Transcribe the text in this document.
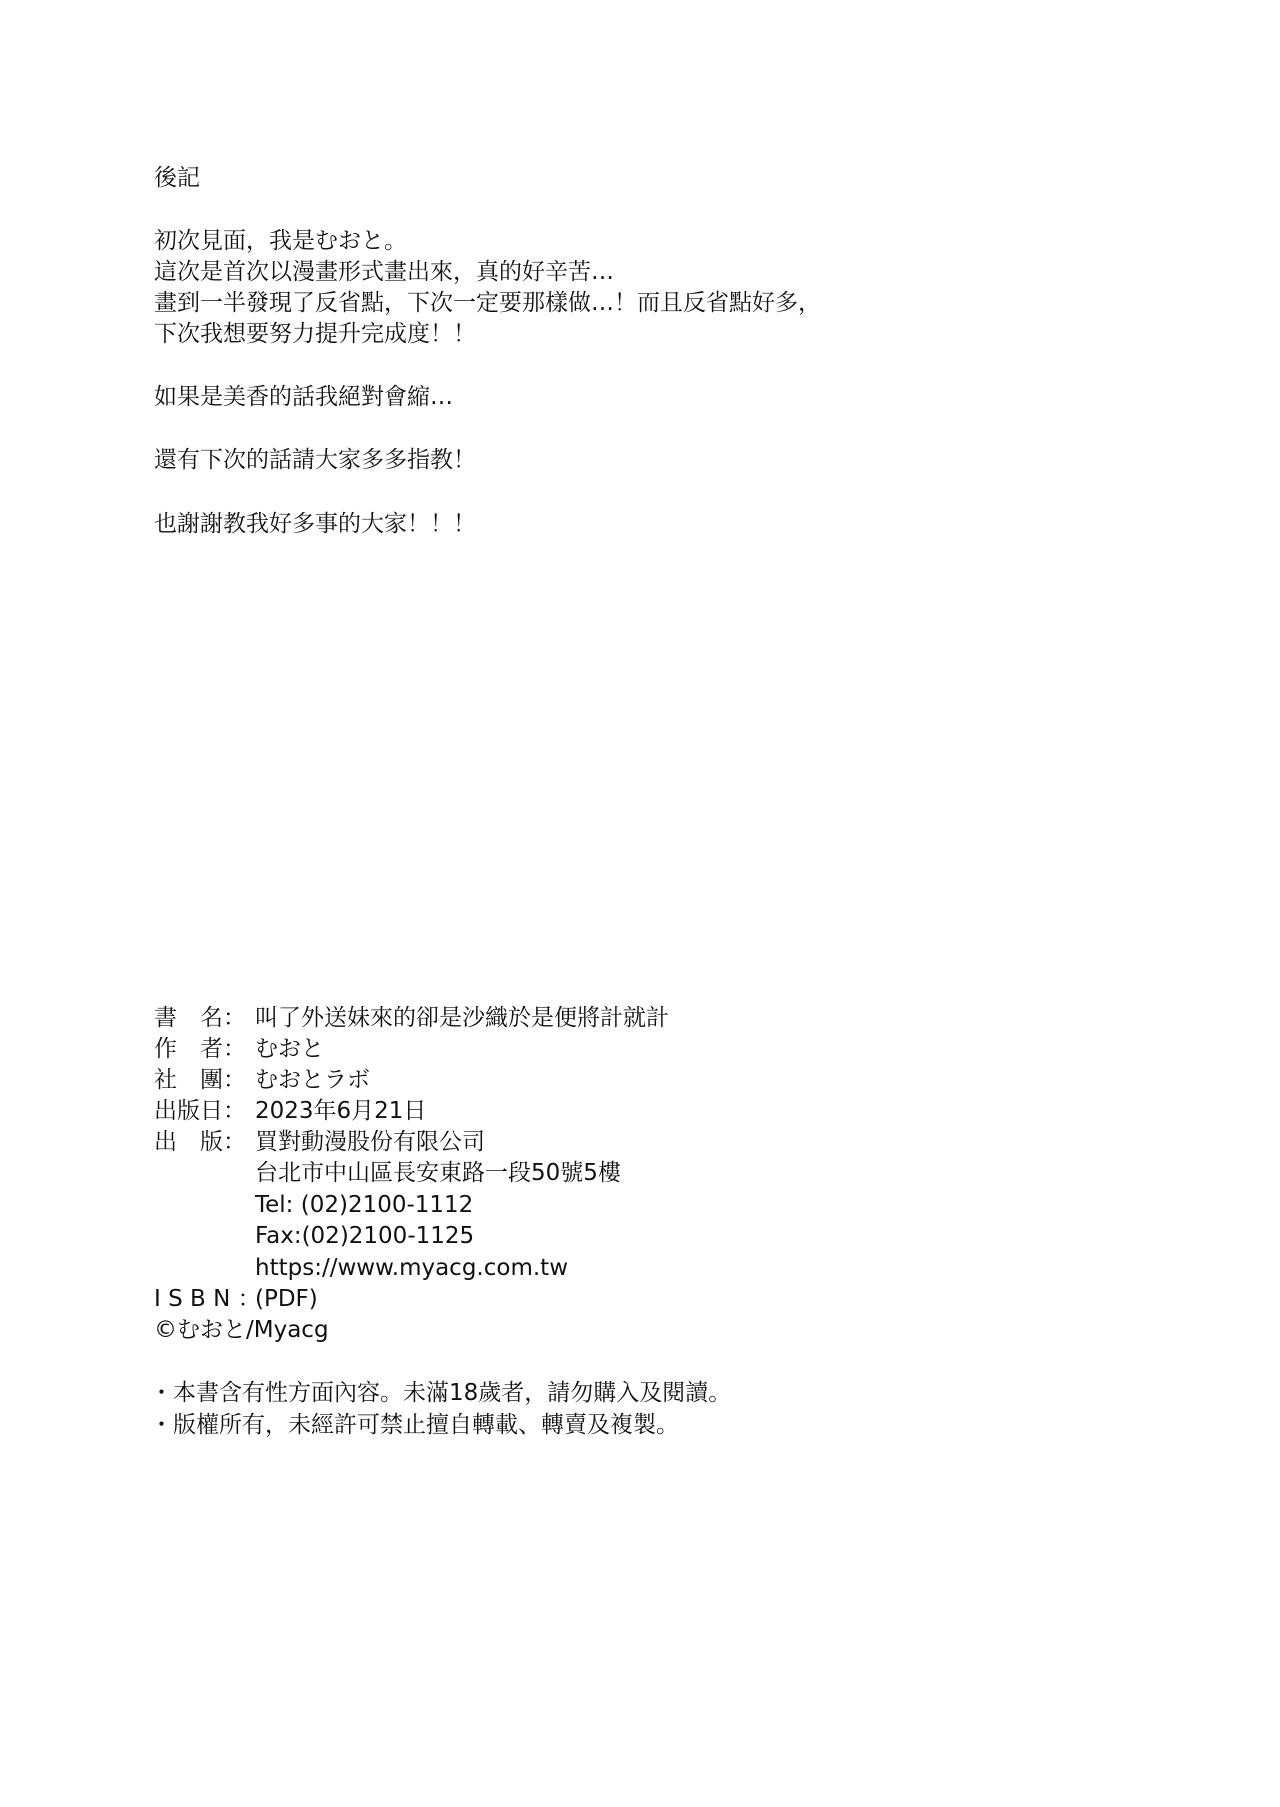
後記
初次見面，我是むおと。
這次是首次以漫畫形式畫出來，真的好辛苦…
畫到一半發現了反省點，下次一定要那樣做…！而且反省點好多，
下次我想要努力提升完成度！！
如果是美香的話我絕對會縮…
還有下次的話請大家多多指教！
也謝謝教我好多事的大家！！！
書　名： 叫了外送妹來的卻是沙織於是便將計就計
作　者： むおと
社　團： むおとラボ
出版日： 2023年6月21日
出　版： 買對動漫股份有限公司
台北市中山區長安東路一段50號5樓
Tel: (02)2100-1112
Fax:(02)2100-1125
https://www.myacg.com.tw
I S B N ：
(PDF)
©むおと/Myacg
・本書含有性方面內容。未滿18歲者，請勿購入及閱讀。
・版權所有，未經許可禁止擅自轉載、轉賣及複製。
